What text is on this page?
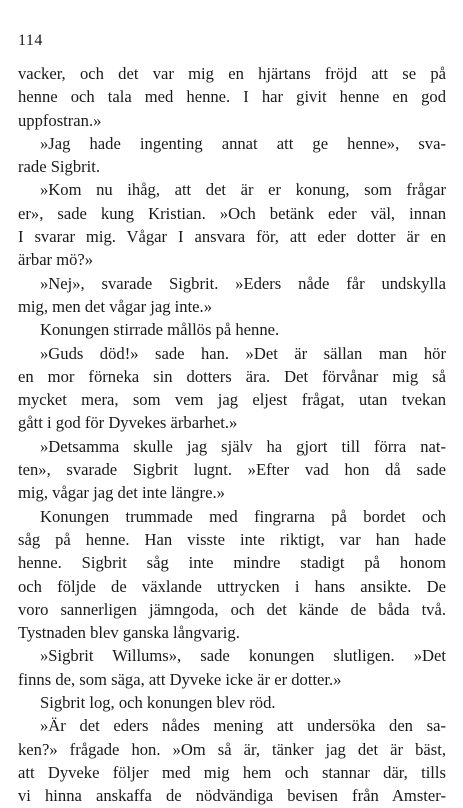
114
vacker, och det var mig en hjärtans fröjd att se på
henne och tala med henne. I har givit henne en god
uppfostran.»
»Jag hade ingenting annat att ge henne», sva-
rade Sigbrit.
»Kom nu ihåg, att det är er konung, som frågar
er», sade kung Kristian. »Och betänk eder väl, innan
I svarar mig. Vågar I ansvara för, att eder dotter är en
ärbar mö?»
»Nej», svarade Sigbrit. »Eders nåde får undskylla
mig, men det vågar jag inte.»
Konungen stirrade mållös på henne.
»Guds död!» sade han. »Det är sällan man hör
en mor förneka sin dotters ära. Det förvånar mig så
mycket mera, som vem jag eljest frågat, utan tvekan
gått i god för Dyvekes ärbarhet.»
»Detsamma skulle jag själv ha gjort till förra nat-
ten», svarade Sigbrit lugnt. »Efter vad hon då sade
mig, vågar jag det inte längre.»
Konungen trummade med fingrarna på bordet och
såg på henne. Han visste inte riktigt, var han hade
henne. Sigbrit såg inte mindre stadigt på honom
och följde de växlande uttrycken i hans ansikte. De
voro sannerligen jämngoda, och det kände de båda två.
Tystnaden blev ganska långvarig.
»Sigbrit Willums», sade konungen slutligen. »Det
finns de, som säga, att Dyveke icke är er dotter.»
Sigbrit log, och konungen blev röd.
»Är det eders nådes mening att undersöka den sa-
ken?» frågade hon. »Om så är, tänker jag det är bäst,
att Dyveke följer med mig hem och stannar där, tills
vi hinna anskaffa de nödvändiga bevisen från Amster-
